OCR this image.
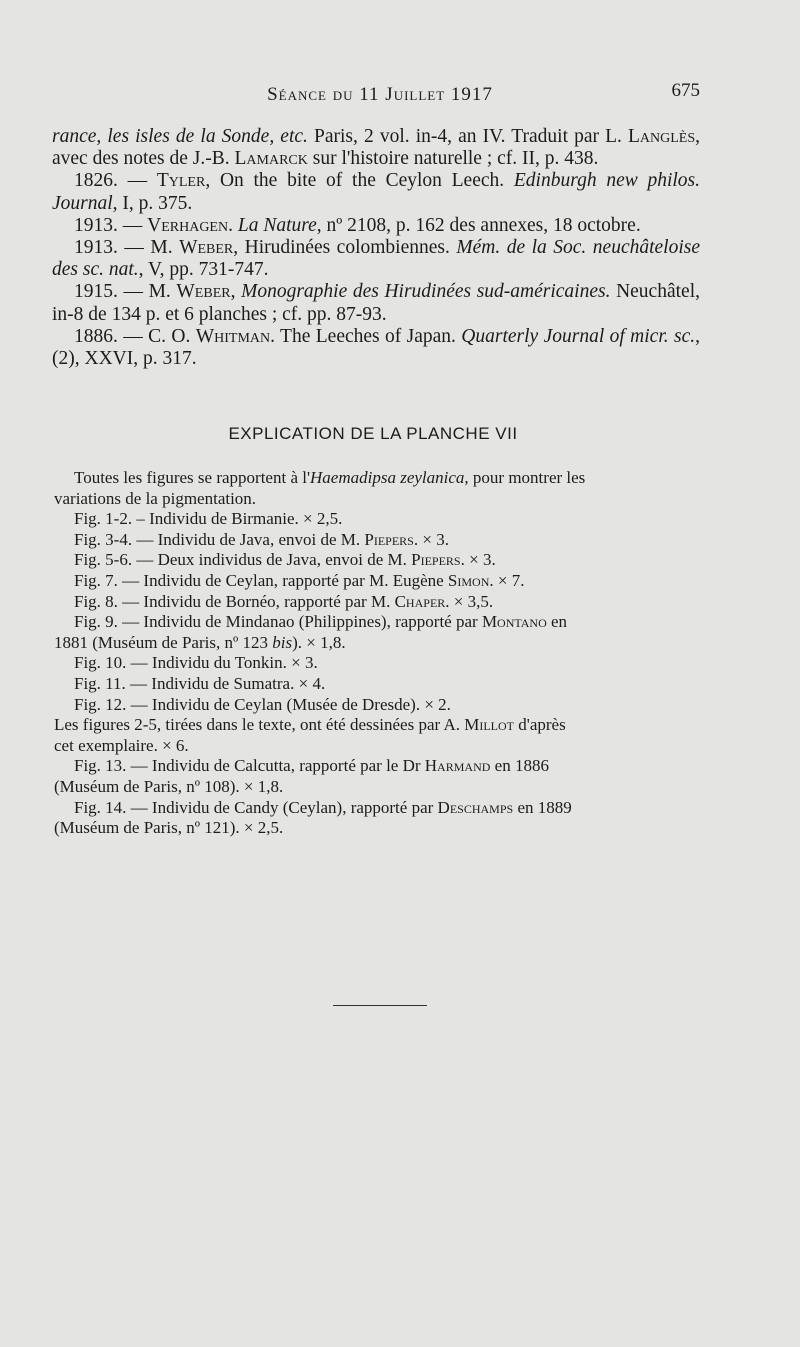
Séance du 11 Juillet 1917	675

rance, les isles de la Sonde, etc. Paris, 2 vol. in-4, an IV. Traduit par L. Langlès, avec des notes de J.-B. Lamarck sur l'histoire naturelle ; cf. II, p. 438.

1826. — Tyler, On the bite of the Ceylon Leech. Edinburgh new philos. Journal, I, p. 375.

1913. — Verhagen. La Nature, nº 2108, p. 162 des annexes, 18 octobre.

1913. — M. Weber, Hirudinées colombiennes. Mém. de la Soc. neuchâteloise des sc. nat., V, pp. 731-747.

1915. — M. Weber, Monographie des Hirudinées sud-américaines. Neuchâtel, in-8 de 134 p. et 6 planches ; cf. pp. 87-93.

1886. — C. O. Whitman. The Leeches of Japan. Quarterly Journal of micr. sc., (2), XXVI, p. 317.

EXPLICATION DE LA PLANCHE VII

Toutes les figures se rapportent à l'Haemadipsa zeylanica, pour montrer les

variations de la pigmentation.

Fig. 1-2. – Individu de Birmanie. × 2,5.

Fig. 3-4. — Individu de Java, envoi de M. Piepers. × 3.

Fig. 5-6. — Deux individus de Java, envoi de M. Piepers. × 3.

Fig. 7. — Individu de Ceylan, rapporté par M. Eugène Simon. × 7.

Fig. 8. — Individu de Bornéo, rapporté par M. Chaper. × 3,5.

Fig. 9. — Individu de Mindanao (Philippines), rapporté par Montano en

1881 (Muséum de Paris, nº 123 bis). × 1,8.

Fig. 10. — Individu du Tonkin. × 3.

Fig. 11. — Individu de Sumatra. × 4.

Fig. 12. — Individu de Ceylan (Musée de Dresde). × 2.

Les figures 2-5, tirées dans le texte, ont été dessinées par A. Millot d'après

cet exemplaire. × 6.

Fig. 13. — Individu de Calcutta, rapporté par le Dr Harmand en 1886

(Muséum de Paris, nº 108). × 1,8.

Fig. 14. — Individu de Candy (Ceylan), rapporté par Deschamps en 1889

(Muséum de Paris, nº 121). × 2,5.
